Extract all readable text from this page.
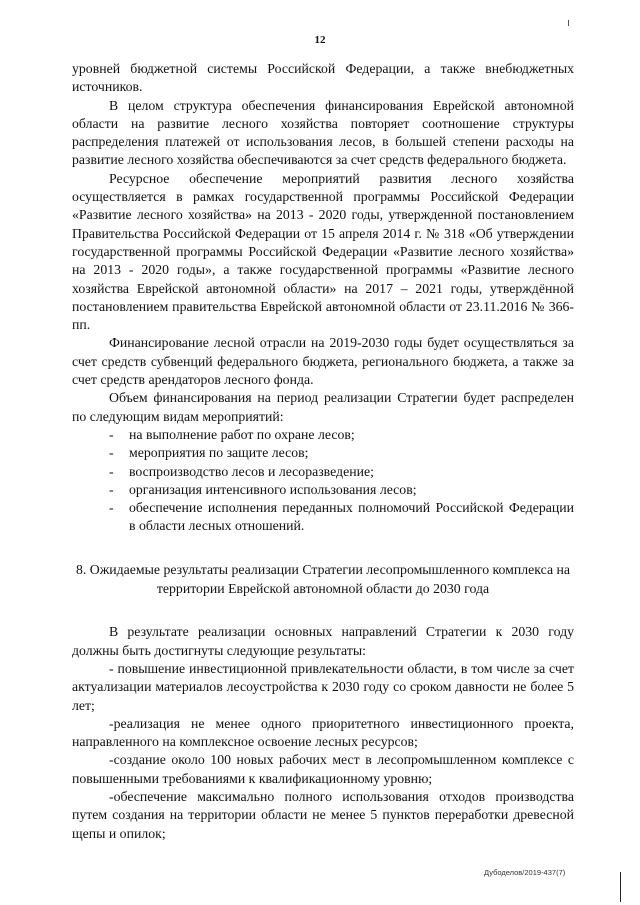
12

уровней бюджетной системы Российской Федерации, а также внебюджетных источников.

В целом структура обеспечения финансирования Еврейской автономной области на развитие лесного хозяйства повторяет соотношение структуры распределения платежей от использования лесов, в большей степени расходы на развитие лесного хозяйства обеспечиваются за счет средств федерального бюджета.

Ресурсное обеспечение мероприятий развития лесного хозяйства осуществляется в рамках государственной программы Российской Федерации «Развитие лесного хозяйства» на 2013 - 2020 годы, утвержденной постановлением Правительства Российской Федерации от 15 апреля 2014 г. № 318 «Об утверждении государственной программы Российской Федерации «Развитие лесного хозяйства» на 2013 - 2020 годы», а также государственной программы «Развитие лесного хозяйства Еврейской автономной области» на 2017 – 2021 годы, утверждённой постановлением правительства Еврейской автономной области от 23.11.2016 № 366-пп.

Финансирование лесной отрасли на 2019-2030 годы будет осуществляться за счет средств субвенций федерального бюджета, регионального бюджета, а также за счет средств арендаторов лесного фонда.

Объем финансирования на период реализации Стратегии будет распределен по следующим видам мероприятий:

-	на выполнение работ по охране лесов;
-	мероприятия по защите лесов;
-	воспроизводство лесов и лесоразведение;
-	организация интенсивного использования лесов;
-	обеспечение исполнения переданных полномочий Российской Федерации в области лесных отношений.
8. Ожидаемые результаты реализации Стратегии лесопромышленного комплекса на территории Еврейской автономной области до 2030 года

В результате реализации основных направлений Стратегии к 2030 году должны быть достигнуты следующие результаты:

- повышение инвестиционной привлекательности области, в том числе за счет актуализации материалов лесоустройства к 2030 году со сроком давности не более 5 лет;

-реализация не менее одного приоритетного инвестиционного проекта, направленного на комплексное освоение лесных ресурсов;

-создание около 100 новых рабочих мест в лесопромышленном комплексе с повышенными требованиями к квалификационному уровню;

-обеспечение максимально полного использования отходов производства путем создания на территории области не менее 5 пунктов переработки древесной щепы и опилок;

Дубоделов/2019-437(7)
